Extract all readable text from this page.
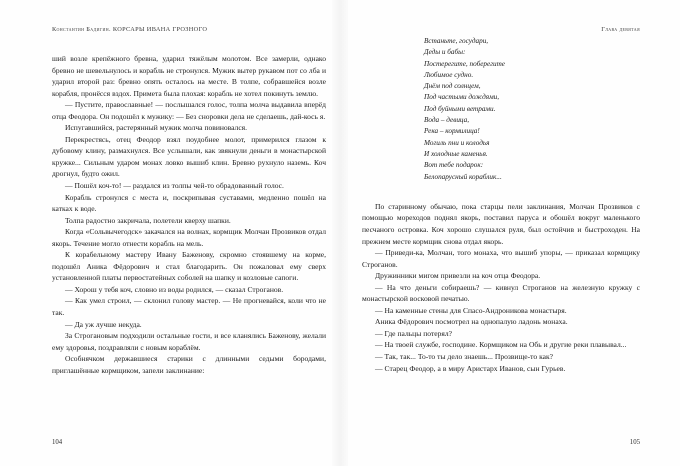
Константин Бадигин. КОРСАРЫ ИВАНА ГРОЗНОГО

ший возле крепёжного бревна, ударил тяжёлым молотом. Все замерли, однако бревно не шевельнулось и корабль не стронулся. Мужик вытер рукавом пот со лба и ударил второй раз: бревно опять осталось на месте. В толпе, собравшейся возле корабля, пронёсся вздох. Примета была плохая: корабль не хотел покинуть землю.

— Пустите, православные! — послышался голос, толпа молча выдавила вперёд отца Феодора. Он подошёл к мужику: — Без сноровки дела не сделаешь, дай-кось я.

Испугавшийся, растерянный мужик молча повиновался.

Перекрестясь, отец Феодор взял поудобнее молот, примерился глазом к дубовому клину, размахнулся. Все услышали, как звякнули деньги в монастырской кружке... Сильным ударом монах ловко вышиб клин. Бревно рухнуло наземь. Коч дрогнул, будто ожил.

— Пошёл коч-то! — раздался из толпы чей-то обрадованный голос.

Корабль стронулся с места и, поскрипывая суставами, медленно пошёл на катках к воде.

Толпа радостно закричала, полетели кверху шапки.

Когда «Сольвычегодск» закачался на волнах, кормщик Молчан Прозвиков отдал якорь. Течение могло отнести корабль на мель.

К корабельному мастеру Ивану Баженову, скромно стоявшему на корме, подошёл Аника Фёдорович и стал благодарить. Он пожаловал ему сверх установленной платы первостатейных соболей на шапку и козловые сапоги.

— Хорош у тебя коч, словно из воды родился, — сказал Строганов.

— Как умел строил, — склонил голову мастер. — Не прогневайся, коли что не так.

— Да уж лучше некуда.

За Строгановым подходили остальные гости, и все кланялись Баженову, желали ему здоровья, поздравляли с новым кораблём.

Особнячком державшиеся старики с длинными седыми бородами, приглашённые кормщиком, запели заклинание:

104
Глава девятая
Встаньте, государи,
Деды и бабы:
Постерегите, поберегите
Любимое судно.
Днём под солнцем,
Под частыми дождями,
Под буйными ветрами.
Вода – девица,
Река – кормилица!
Могиль пни и колодья
И холодные каменья.
Вот тебе подарок:
Белопарусный кораблик...

По старинному обычаю, пока старцы пели заклинания, Молчан Прозвиков с помощью мореходов поднял якорь, поставил паруса и обошёл вокруг маленького песчаного островка. Коч хорошо слушался руля, был остойчив и быстроходен. На прежнем месте кормщик снова отдал якорь.

— Приведи-ка, Молчан, того монаха, что вышиб упоры, — приказал кормщику Строганов.

Дружинники мигом привезли на коч отца Феодора.

— На что деньги собираешь? — кивнул Строганов на железную кружку с монастырской восковой печатью.

— На каменные стены для Спасо-Андроникова монастыря.

Аника Фёдорович посмотрел на однопалую ладонь монаха.

— Где пальцы потерял?

— На твоей службе, господине. Кормщиком на Обь и другие реки плавывал...

— Так, так... То-то ты дело знаешь... Прозвище-то как?

— Старец Феодор, а в миру Аристарх Иванов, сын Гурьев.

105
